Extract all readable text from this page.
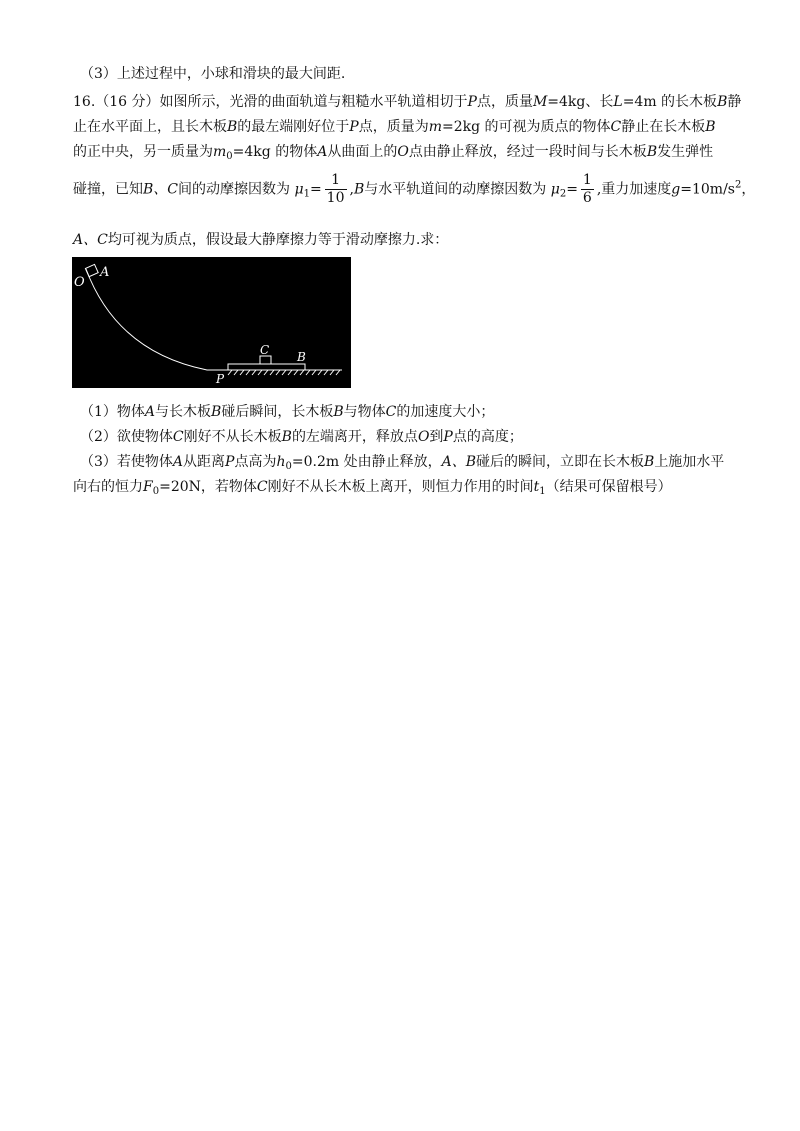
（3）上述过程中，小球和滑块的最大间距.
16.（16 分）如图所示，光滑的曲面轨道与粗糙水平轨道相切于P点，质量M=4kg、长L=4m 的长木板B静
止在水平面上，且长木板B的最左端刚好位于P点，质量为m=2kg 的可视为质点的物体C静止在长木板B
的正中央，另一质量为$m_0=4kg$ 的物体A从曲面上的O点由静止释放，经过一段时间与长木板B发生弹性
碰撞，已知B、C间的动摩擦因数为 $\mu_1= \frac{1}{10} ,B$与水平轨道间的动摩擦因数为 $\mu_2= \frac{1}{6}$ ,重力加速度$g=10m/s^2$，
A、C均可视为质点，假设最大静摩擦力等于滑动摩擦力.求：
O
A
C B
P
（1）物体A与长木板B碰后瞬间，长木板B与物体C的加速度大小；
（2）欲使物体C刚好不从长木板B的左端离开，释放点O到P点的高度；
（3）若使物体A从距离P点高为$h_0=0.2m$ 处由静止释放，A、B碰后的瞬间，立即在长木板B上施加水平
向右的恒力$F_0=20N$，若物体C刚好不从长木板上离开，则恒力作用的时间$t_1$（结果可保留根号）
